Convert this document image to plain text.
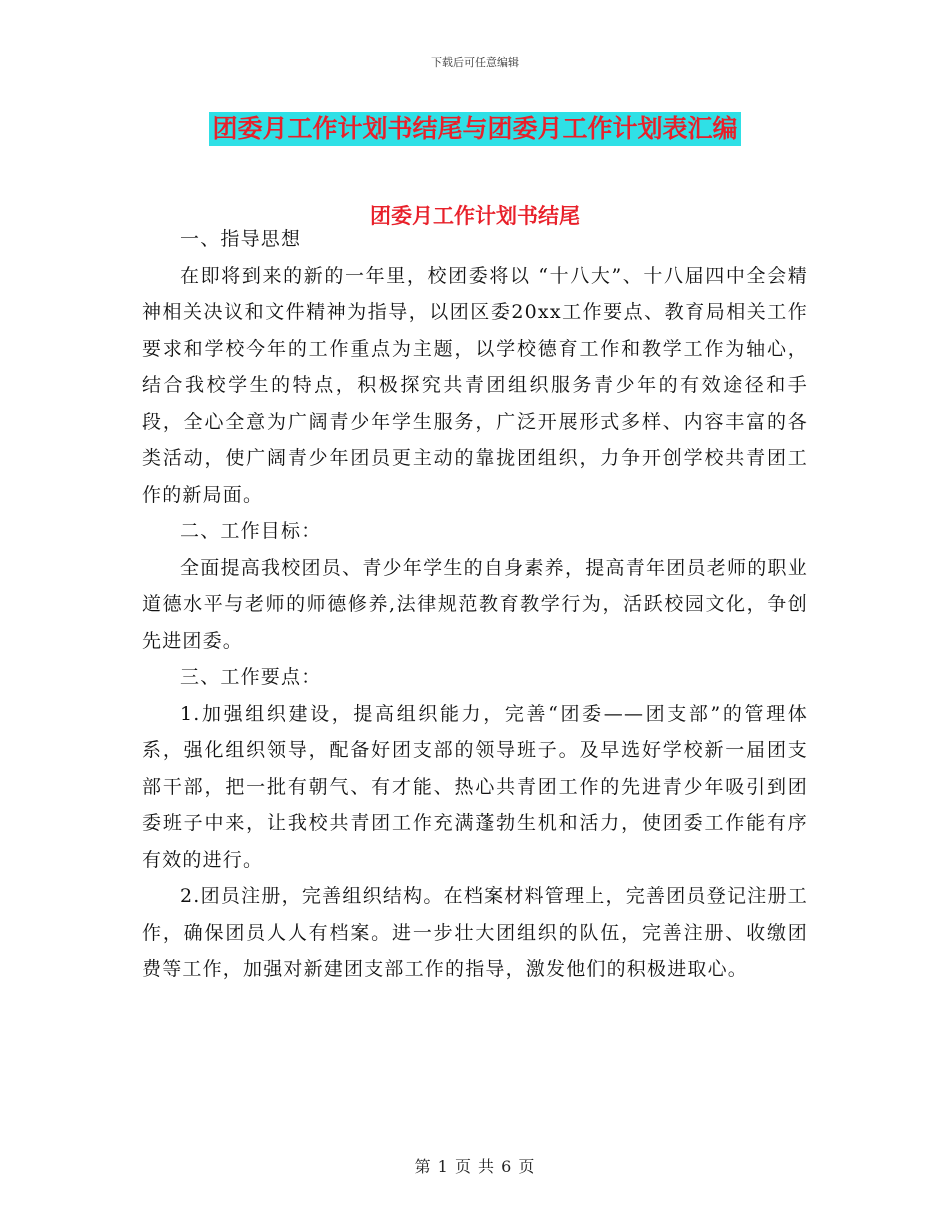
下载后可任意编辑
团委月工作计划书结尾与团委月工作计划表汇编
团委月工作计划书结尾

一、指导思想

在即将到来的新的一年里，校团委将以 “十八大”、十八届四中全会精神相关决议和文件精神为指导，以团区委20xx工作要点、教育局相关工作要求和学校今年的工作重点为主题，以学校德育工作和教学工作为轴心，结合我校学生的特点，积极探究共青团组织服务青少年的有效途径和手段，全心全意为广阔青少年学生服务，广泛开展形式多样、内容丰富的各类活动，使广阔青少年团员更主动的靠拢团组织，力争开创学校共青团工作的新局面。

二、工作目标：

全面提高我校团员、青少年学生的自身素养，提高青年团员老师的职业道德水平与老师的师德修养,法律规范教育教学行为，活跃校园文化，争创先进团委。

三、工作要点：

1.加强组织建设，提高组织能力，完善“团委——团支部”的管理体系，强化组织领导，配备好团支部的领导班子。及早选好学校新一届团支部干部，把一批有朝气、有才能、热心共青团工作的先进青少年吸引到团委班子中来，让我校共青团工作充满蓬勃生机和活力，使团委工作能有序有效的进行。

2.团员注册，完善组织结构。在档案材料管理上，完善团员登记注册工作，确保团员人人有档案。进一步壮大团组织的队伍，完善注册、收缴团费等工作，加强对新建团支部工作的指导，激发他们的积极进取心。

第 1 页 共 6 页
